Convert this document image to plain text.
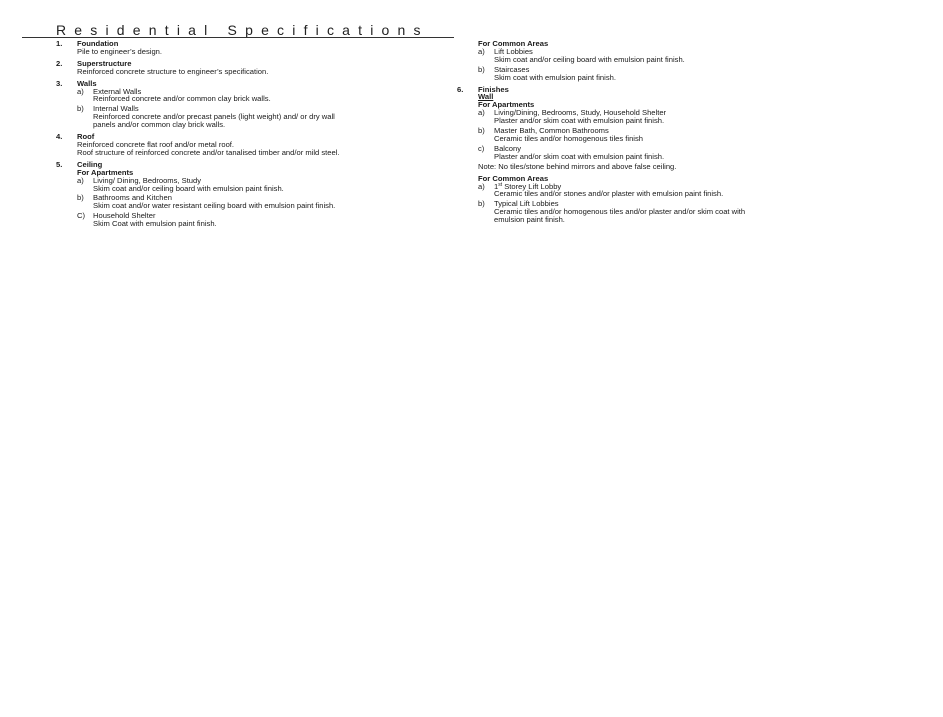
Residential Specifications
1. Foundation
Pile to engineer’s design.
2. Superstructure
Reinforced concrete structure to engineer’s specification.
3. Walls
a) External Walls
Reinforced concrete and/or common clay brick walls.
b) Internal Walls
Reinforced concrete and/or precast panels (light weight) and/ or dry wall
panels and/or common clay brick walls.
4. Roof
Reinforced concrete flat roof and/or metal roof.
Roof structure of reinforced concrete and/or tanalised timber and/or mild steel.
5. Ceiling
For Apartments
a) Living/ Dining, Bedrooms, Study
Skim coat and/or ceiling board with emulsion paint finish.
b) Bathrooms and Kitchen
Skim coat and/or water resistant ceiling board with emulsion paint finish.
C) Household Shelter
Skim Coat with emulsion paint finish.
For Common Areas
a) Lift Lobbies
Skim coat and/or ceiling board with emulsion paint finish.
b) Staircases
Skim coat with emulsion paint finish.
6. Finishes
Wall
For Apartments
a) Living/Dining, Bedrooms, Study, Household Shelter
Plaster and/or skim coat with emulsion paint finish.
b) Master Bath, Common Bathrooms
Ceramic tiles and/or homogenous tiles finish
c) Balcony
Plaster and/or skim coat with emulsion paint finish.
Note: No tiles/stone behind mirrors and above false ceiling.
For Common Areas
a) 1st Storey Lift Lobby
Ceramic tiles and/or stones and/or plaster with emulsion paint finish.
b) Typical Lift Lobbies
Ceramic tiles and/or homogenous tiles and/or plaster and/or skim coat with
emulsion paint finish.
